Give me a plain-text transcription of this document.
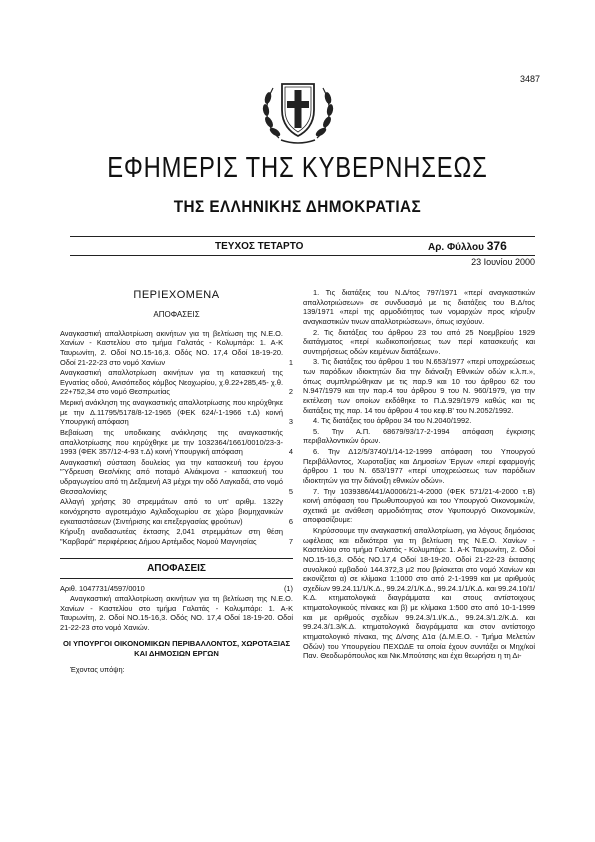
3487
ΕΦΗΜΕΡΙΣ ΤΗΣ ΚΥΒΕΡΝΗΣΕΩΣ
ΤΗΣ ΕΛΛΗΝΙΚΗΣ ΔΗΜΟΚΡΑΤΙΑΣ
ΤΕΥΧΟΣ ΤΕΤΑΡΤΟ	Αρ. Φύλλου 376
23 Ιουνίου 2000
ΠΕΡΙΕΧΟΜΕΝΑ
ΑΠΟΦΑΣΕΙΣ
Αναγκαστική απαλλοτρίωση ακινήτων για τη βελτίωση της Ν.Ε.Ο. Χανίων - Καστελίου στο τμήμα Γαλατάς - Κολυμπάρι: 1. Α-Κ Ταυρωνίτη, 2. Οδοί ΝΟ.15-16,3. Οδός ΝΟ. 17,4 Οδοί 18-19-20. Οδοί 21-22-23 στο νομό Χανίων	1
Αναγκαστική απαλλοτρίωση ακινήτων για τη κατασκευή της Εγνατίας οδού, Ανισόπεδος κόμβος Νεοχωρίου, χ.θ.22+285,45- χ.θ. 22+752,34 στο νομό Θεσπρωτίας	2
Μερική ανάκληση της αναγκαστικής απαλλοτρίωσης που κηρύχθηκε με την Δ.11795/5178/8-12-1965 (ΦΕΚ 624/-1-1966 τ.Δ) κοινή Υπουργική απόφαση	3
Βεβαίωση της υποδικαιης ανάκλησης της αναγκαστικής απαλλοτρίωσης που κηρύχθηκε με την 1032364/1661/0010/23-3-1993 (ΦΕΚ 357/12-4-93 τ.Δ) κοινή Υπουργική απόφαση	4
Αναγκαστική σύσταση δουλείας για την κατασκευή του έργου "Ύδρευση Θεσ/νίκης από ποταμό Αλιάκμονα - κατασκευή του υδραγωγείου από τη Δεξαμενή Α3 μέχρι την οδό Λαγκαδά, στο νομό Θεσσαλονίκης	5
Αλλαγή χρήσης 30 στρεμμάτων από το υπ' αριθμ. 1322γ κοινόχρηστο αγροτεμάχιο Αχλαδοχωρίου σε χώρο βιομηχανικών εγκαταστάσεων (Σιντήρισης και επεξεργασίας φρούτων)	6
Κήρυξη αναδασωτέας έκτασης 2,041 στρεμμάτων στη θέση "Καρβαρά" περιφέρειας Δήμου Αρτέμιδος Νομού Μαγνησίας	7
ΑΠΟΦΑΣΕΙΣ
Αριθ. 1047731/4597/0010	(1)
Αναγκαστική απαλλοτρίωση ακινήτων για τη βελτίωση της Ν.Ε.Ο. Χανίων - Καστελίου στο τμήμα Γαλατάς - Κολυμπάρι: 1. Α-Κ Ταυρωνίτη, 2. Οδοί ΝΟ.15-16,3. Οδός ΝΟ. 17,4 Οδοί 18-19-20. Οδοί 21-22-23 στο νομό Χανιών.
ΟΙ ΥΠΟΥΡΓΟΙ ΟΙΚΟΝΟΜΙΚΩΝ ΠΕΡΙΒΑΛΛΟΝΤΟΣ, ΧΩΡΟΤΑΞΙΑΣ ΚΑΙ ΔΗΜΟΣΙΩΝ ΕΡΓΩΝ
Έχοντας υπόψη:
1. Τις διατάξεις του Ν.Δ/τος 797/1971 «περί αναγκαστικών απαλλοτριώσεων» σε συνδυασμό με τις διατάξεις του Β.Δ/τος 139/1971 «περί της αρμοδιότητος των νομαρχών προς κήρυξιν αναγκαστικών τινων απαλλοτριώσεων», όπως ισχύουν.
2. Τις διατάξεις του άρθρου 23 του από 25 Νοεμβρίου 1929 διατάγματος «περί κωδικοποιήσεως των περί κατασκευής και συντηρήσεως οδών κειμένων διατάξεων».
3. Τις διατάξεις του άρθρου 1 του Ν.653/1977 «περί υποχρεώσεως των παρόδιων ιδιοκτητών δια την διάνοιξη Εθνικών οδών κ.λ.π.», όπως συμπληρώθηκαν με τις παρ.9 και 10 του άρθρου 62 του Ν.947/1979 και την παρ.4 του άρθρου 9 του Ν. 960/1979, για την εκτέλεση των οποίων εκδόθηκε το Π.Δ.929/1979 καθώς και τις διατάξεις της παρ. 14 του άρθρου 4 του κεφ.Β' του Ν.2052/1992.
4. Τις διατάξεις του άρθρου 34 του Ν.2040/1992.
5. Την Α.Π. 68679/93/17-2-1994 απόφαση έγκρισης περιβαλλοντικών όρων.
6. Την Δ12/5/3740/1/14-12-1999 απόφαση του Υπουργού Περιβάλλοντος, Χωροταξίας και Δημοσίων Έργων «περί εφαρμογής άρθρου 1 του Ν. 653/1977 «περί υποχρεώσεως των παρόδιων ιδιοκτητών για την διάνοιξη εθνικών οδών».
7. Την 1039386/441/Α0006/21-4-2000 (ΦΕΚ 571/21-4-2000 τ.Β) κοινή απόφαση του Πρωθυπουργού και του Υπουργού Οικονομικών, σχετικά με ανάθεση αρμοδιότητας στον Υφυπουργό Οικονομικών, αποφασίζουμε:
Κηρύσσουμε την αναγκαστική απαλλοτρίωση, για λόγους δημόσιας ωφέλειας και ειδικότερα για τη βελτίωση της Ν.Ε.Ο. Χανίων - Καστελίου στο τμήμα Γαλατάς - Κολυμπάρι: 1. Α-Κ Ταυρωνίτη, 2. Οδοί ΝΟ.15-16,3. Οδός ΝΟ.17,4 Οδοί 18-19-20. Οδοί 21-22-23 έκτασης συνολικού εμβαδού 144.372,3 μ2 που βρίσκεται στο νομό Χανίων και εικονίζεται α) σε κλίμακα 1:1000 στο από 2-1-1999 και με αριθμούς σχεδίων 99.24.11/1/Κ.Δ., 99.24.2/1/Κ.Δ., 99.24.1/1/Κ.Δ. και 99.24.10/1/Κ.Δ. κτηματολογικά διαγράμματα και στους αντίστοιχους κτηματολογικούς πίνακες και β) με κλίμακα 1:500 στο από 10-1-1999 και με αριθμούς σχεδίων 99.24.3/1.Ι/Κ.Δ., 99.24.3/1.2/Κ.Δ. και 99.24.3/1.3/Κ.Δ. κτηματολογικά διαγράμματα και στον αντίστοιχο κτηματολογικό πίνακα, της Δ/νσης Δ1α (Δ.Μ.Ε.Ο. - Τμήμα Μελετών Οδών) του Υπουργείου ΠΕΧΩΔΕ τα οποία έχουν συντάξει οι Μηχ/κοί Παν. Θεοδωρόπουλος και Νικ.Μπούτσης και έχει θεωρήσει η τη Δι-
